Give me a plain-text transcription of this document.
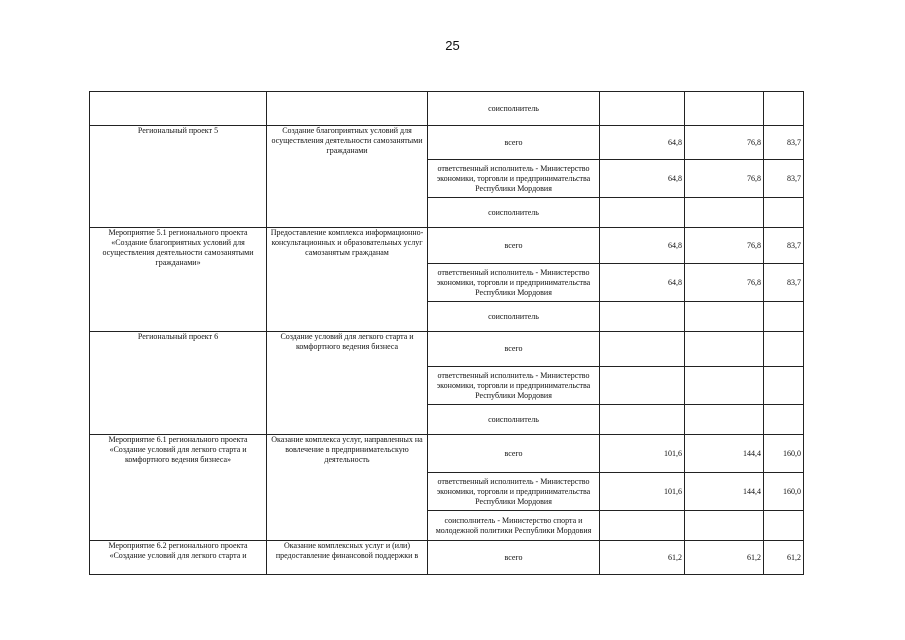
25
		соисполнитель			
Региональный проект 5	Создание благоприятных условий для осуществления деятельности самозанятыми гражданами	всего	64,8	76,8	83,7
		ответственный исполнитель - Министерство экономики, торговли и предпринимательства Республики Мордовия	64,8	76,8	83,7
		соисполнитель			
Мероприятие 5.1 регионального проекта «Создание благоприятных условий для осуществления деятельности самозанятыми гражданами»	Предоставление комплекса информационно-консультационных и образовательных услуг самозанятым гражданам	всего	64,8	76,8	83,7
		ответственный исполнитель - Министерство экономики, торговли и предпринимательства Республики Мордовия	64,8	76,8	83,7
		соисполнитель			
Региональный проект 6	Создание условий для легкого старта и комфортного ведения бизнеса	всего			
		ответственный исполнитель - Министерство экономики, торговли и предпринимательства Республики Мордовия			
		соисполнитель			
Мероприятие 6.1 регионального проекта «Создание условий для легкого старта и комфортного ведения бизнеса»	Оказание комплекса услуг, направленных на вовлечение в предпринимательскую деятельность	всего	101,6	144,4	160,0
		ответственный исполнитель - Министерство экономики, торговли и предпринимательства Республики Мордовия	101,6	144,4	160,0
		соисполнитель - Министерство спорта и молодежной политики Республики Мордовия			
Мероприятие 6.2 регионального проекта «Создание условий для легкого старта и	Оказание комплексных услуг и (или) предоставление финансовой поддержки в	всего	61,2	61,2	61,2
